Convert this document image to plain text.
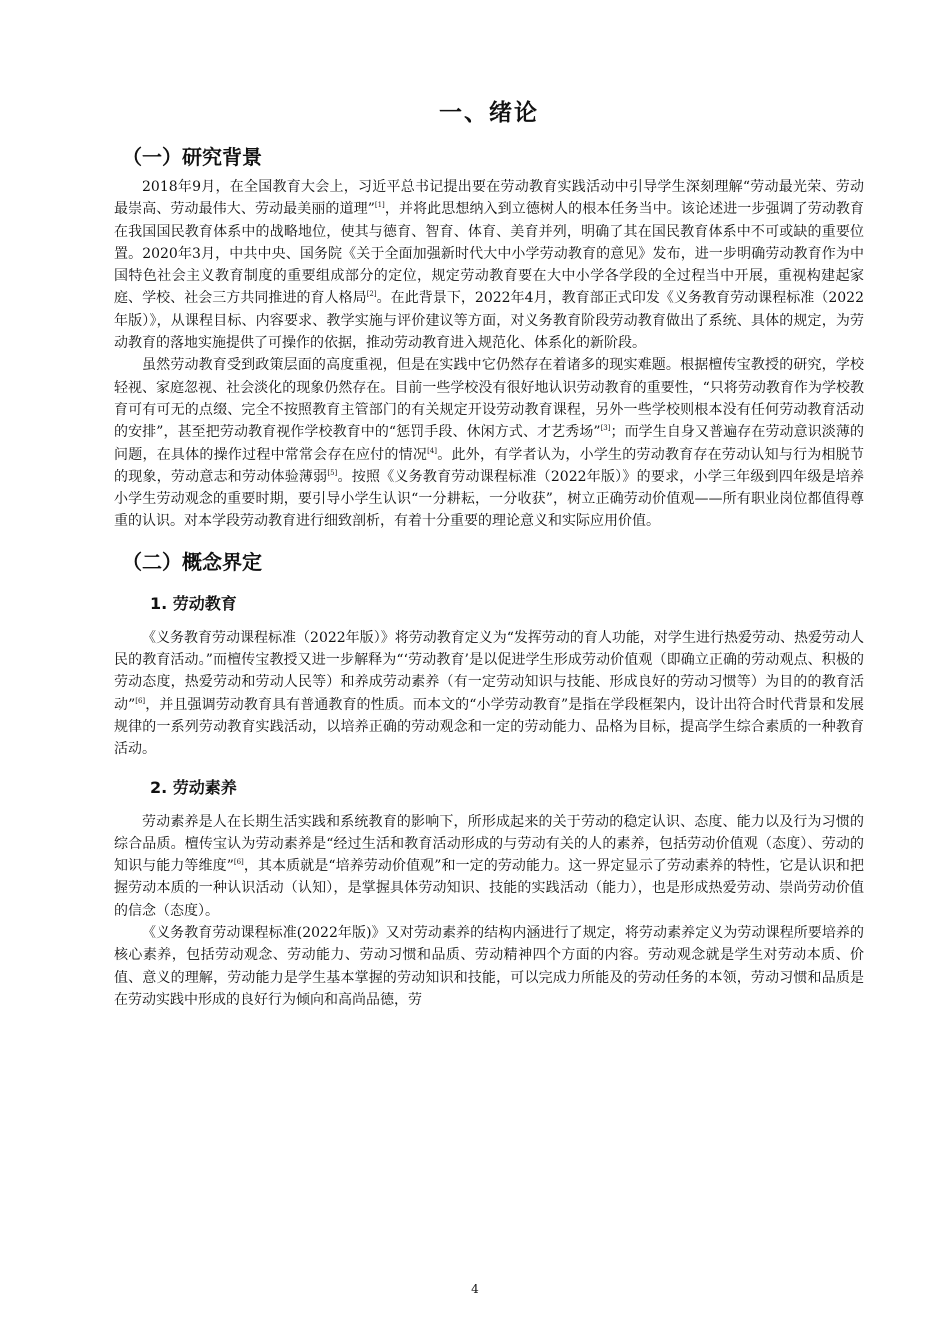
一、绪论
（一）研究背景

2018年9月，在全国教育大会上，习近平总书记提出要在劳动教育实践活动中引导学生深刻理解“劳动最光荣、劳动最崇高、劳动最伟大、劳动最美丽的道理”[1]，并将此思想纳入到立德树人的根本任务当中。该论述进一步强调了劳动教育在我国国民教育体系中的战略地位，使其与德育、智育、体育、美育并列，明确了其在国民教育体系中不可或缺的重要位置。2020年3月，中共中央、国务院《关于全面加强新时代大中小学劳动教育的意见》发布，进一步明确劳动教育作为中国特色社会主义教育制度的重要组成部分的定位，规定劳动教育要在大中小学各学段的全过程当中开展，重视构建起家庭、学校、社会三方共同推进的育人格局[2]。在此背景下，2022年4月，教育部正式印发《义务教育劳动课程标准（2022年版）》，从课程目标、内容要求、教学实施与评价建议等方面，对义务教育阶段劳动教育做出了系统、具体的规定，为劳动教育的落地实施提供了可操作的依据，推动劳动教育进入规范化、体系化的新阶段。

虽然劳动教育受到政策层面的高度重视，但是在实践中它仍然存在着诸多的现实难题。根据檀传宝教授的研究，学校轻视、家庭忽视、社会淡化的现象仍然存在。目前一些学校没有很好地认识劳动教育的重要性，“只将劳动教育作为学校教育可有可无的点缀、完全不按照教育主管部门的有关规定开设劳动教育课程，另外一些学校则根本没有任何劳动教育活动的安排”，甚至把劳动教育视作学校教育中的“惩罚手段、休闲方式、才艺秀场”[3]；而学生自身又普遍存在劳动意识淡薄的问题，在具体的操作过程中常常会存在应付的情况[4]。此外，有学者认为，小学生的劳动教育存在劳动认知与行为相脱节的现象，劳动意志和劳动体验薄弱[5]。按照《义务教育劳动课程标准（2022年版）》的要求，小学三年级到四年级是培养小学生劳动观念的重要时期，要引导小学生认识“一分耕耘，一分收获”，树立正确劳动价值观——所有职业岗位都值得尊重的认识。对本学段劳动教育进行细致剖析，有着十分重要的理论意义和实际应用价值。

（二）概念界定
1. 劳动教育

《义务教育劳动课程标准（2022年版）》将劳动教育定义为“发挥劳动的育人功能，对学生进行热爱劳动、热爱劳动人民的教育活动。”而檀传宝教授又进一步解释为“‘劳动教育’是以促进学生形成劳动价值观（即确立正确的劳动观点、积极的劳动态度，热爱劳动和劳动人民等）和养成劳动素养（有一定劳动知识与技能、形成良好的劳动习惯等）为目的的教育活动”[6]，并且强调劳动教育具有普通教育的性质。而本文的“小学劳动教育”是指在学段框架内，设计出符合时代背景和发展规律的一系列劳动教育实践活动，以培养正确的劳动观念和一定的劳动能力、品格为目标，提高学生综合素质的一种教育活动。

2. 劳动素养

劳动素养是人在长期生活实践和系统教育的影响下，所形成起来的关于劳动的稳定认识、态度、能力以及行为习惯的综合品质。檀传宝认为劳动素养是“经过生活和教育活动形成的与劳动有关的人的素养，包括劳动价值观（态度）、劳动的知识与能力等维度”[6]，其本质就是“培养劳动价值观”和一定的劳动能力。这一界定显示了劳动素养的特性，它是认识和把握劳动本质的一种认识活动（认知），是掌握具体劳动知识、技能的实践活动（能力），也是形成热爱劳动、崇尚劳动价值的信念（态度）。

《义务教育劳动课程标准(2022年版)》又对劳动素养的结构内涵进行了规定，将劳动素养定义为劳动课程所要培养的核心素养，包括劳动观念、劳动能力、劳动习惯和品质、劳动精神四个方面的内容。劳动观念就是学生对劳动本质、价值、意义的理解，劳动能力是学生基本掌握的劳动知识和技能，可以完成力所能及的劳动任务的本领，劳动习惯和品质是在劳动实践中形成的良好行为倾向和高尚品德，劳

4
